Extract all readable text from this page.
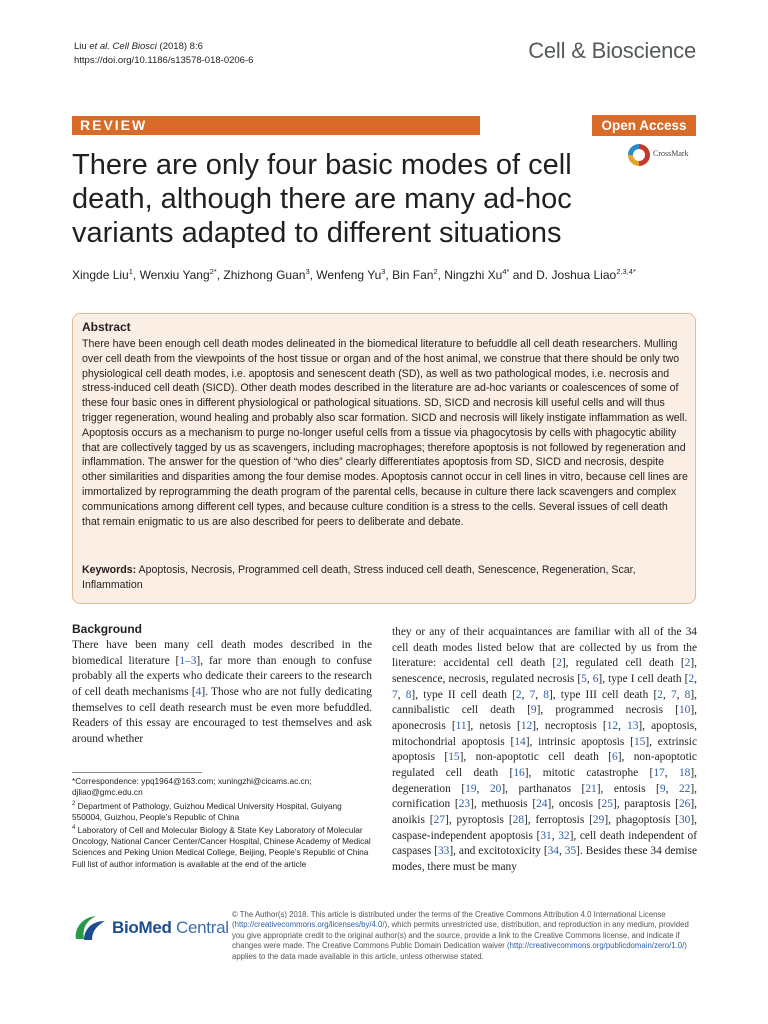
Liu et al. Cell Biosci (2018) 8:6
https://doi.org/10.1186/s13578-018-0206-6	Cell & Bioscience
REVIEW	Open Access
There are only four basic modes of cell death, although there are many ad-hoc variants adapted to different situations
CrossMark
Xingde Liu$^1$, Wenxiu Yang$^{2*}$, Zhizhong Guan$^3$, Wenfeng Yu$^3$, Bin Fan$^2$, Ningzhi $Xu^{4*}$ and D. Joshua Liao$^{2,3,4*}$
Abstract
There have been enough cell death modes delineated in the biomedical literature to befuddle all cell death researchers. Mulling over cell death from the viewpoints of the host tissue or organ and of the host animal, we construe that there should be only two physiological cell death modes, i.e. apoptosis and senescent death (SD), as well as two pathological modes, i.e. necrosis and stress-induced cell death (SICD). Other death modes described in the literature are ad-hoc variants or coalescences of some of these four basic ones in different physiological or pathological situations. SD, SICD and necrosis kill useful cells and will thus trigger regeneration, wound healing and probably also scar formation. SICD and necrosis will likely instigate inflammation as well. Apoptosis occurs as a mechanism to purge no-longer useful cells from a tissue via phagocytosis by cells with phagocytic ability that are collectively tagged by us as scavengers, including macrophages; therefore apoptosis is not followed by regeneration and inflammation. The answer for the question of “who dies” clearly differentiates apoptosis from SD, SICD and necrosis, despite other similarities and disparities among the four demise modes. Apoptosis cannot occur in cell lines in vitro, because cell lines are immortalized by reprogramming the death program of the parental cells, because in culture there lack scavengers and complex communications among different cell types, and because culture condition is a stress to the cells. Several issues of cell death that remain enigmatic to us are also described for peers to deliberate and debate.
Keywords: Apoptosis, Necrosis, Programmed cell death, Stress induced cell death, Senescence, Regeneration, Scar, Inflammation
Background
There have been many cell death modes described in the biomedical literature [1–3], far more than enough to confuse probably all the experts who dedicate their careers to the research of cell death mechanisms [4]. Those who are not fully dedicating themselves to cell death research must be even more befuddled. Readers of this essay are encouraged to test themselves and ask around whether
they or any of their acquaintances are familiar with all of the 34 cell death modes listed below that are collected by us from the literature: accidental cell death [2], regulated cell death [2], senescence, necrosis, regulated necrosis [5, 6], type I cell death [2, 7, 8], type II cell death [2, 7, 8], type III cell death [2, 7, 8], cannibalistic cell death [9], programmed necrosis [10], aponecrosis [11], netosis [12], necroptosis [12, 13], apoptosis, mitochondrial apoptosis [14], intrinsic apoptosis [15], extrinsic apoptosis [15], non-apoptotic cell death [6], non-apoptotic regulated cell death [16], mitotic catastrophe [17, 18], degeneration [19, 20], parthanatos [21], entosis [9, 22], cornification [23], methuosis [24], oncosis [25], paraptosis [26], anoikis [27], pyroptosis [28], ferroptosis [29], phagoptosis [30], caspase-independent apoptosis [31, 32], cell death independent of caspases [33], and excitotoxicity [34, 35]. Besides these 34 demise modes, there must be many
*Correspondence: ypq1964@163.com; xuningzhi@cicams.ac.cn; djliao@gmc.edu.cn
$^2$ Department of Pathology, Guizhou Medical University Hospital, Guiyang 550004, Guizhou, People’s Republic of China
$^4$ Laboratory of Cell and Molecular Biology & State Key Laboratory of Molecular Oncology, National Cancer Center/Cancer Hospital, Chinese Academy of Medical Sciences and Peking Union Medical College, Beijing, People’s Republic of China
Full list of author information is available at the end of the article
BioMed Central
© The Author(s) 2018. This article is distributed under the terms of the Creative Commons Attribution 4.0 International License (http://creativecommons.org/licenses/by/4.0/), which permits unrestricted use, distribution, and reproduction in any medium, provided you give appropriate credit to the original author(s) and the source, provide a link to the Creative Commons license, and indicate if changes were made. The Creative Commons Public Domain Dedication waiver (http://creativecommons.org/publicdomain/zero/1.0/) applies to the data made available in this article, unless otherwise stated.
